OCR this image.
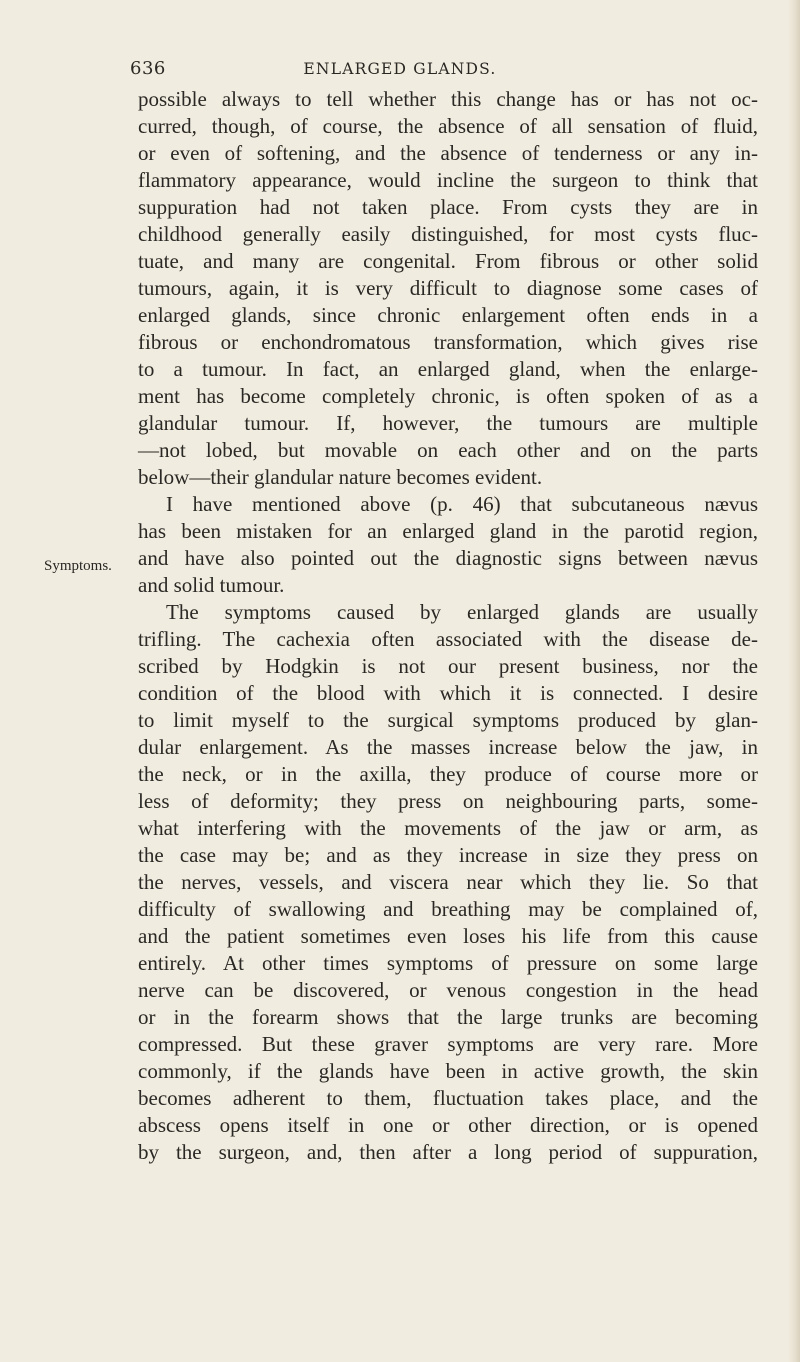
636	ENLARGED GLANDS.
Symptoms.
possible always to tell whether this change has or has not oc-
curred, though, of course, the absence of all sensation of fluid,
or even of softening, and the absence of tenderness or any in-
flammatory appearance, would incline the surgeon to think that
suppuration had not taken place. From cysts they are in
childhood generally easily distinguished, for most cysts fluc-
tuate, and many are congenital. From fibrous or other solid
tumours, again, it is very difficult to diagnose some cases of
enlarged glands, since chronic enlargement often ends in a
fibrous or enchondromatous transformation, which gives rise
to a tumour. In fact, an enlarged gland, when the enlarge-
ment has become completely chronic, is often spoken of as a
glandular tumour. If, however, the tumours are multiple
—not lobed, but movable on each other and on the parts
below—their glandular nature becomes evident.
I have mentioned above (p. 46) that subcutaneous nævus
has been mistaken for an enlarged gland in the parotid region,
and have also pointed out the diagnostic signs between nævus
and solid tumour.
The symptoms caused by enlarged glands are usually
trifling. The cachexia often associated with the disease de-
scribed by Hodgkin is not our present business, nor the
condition of the blood with which it is connected. I desire
to limit myself to the surgical symptoms produced by glan-
dular enlargement. As the masses increase below the jaw, in
the neck, or in the axilla, they produce of course more or
less of deformity; they press on neighbouring parts, some-
what interfering with the movements of the jaw or arm, as
the case may be; and as they increase in size they press on
the nerves, vessels, and viscera near which they lie. So that
difficulty of swallowing and breathing may be complained of,
and the patient sometimes even loses his life from this cause
entirely. At other times symptoms of pressure on some large
nerve can be discovered, or venous congestion in the head
or in the forearm shows that the large trunks are becoming
compressed. But these graver symptoms are very rare. More
commonly, if the glands have been in active growth, the skin
becomes adherent to them, fluctuation takes place, and the
abscess opens itself in one or other direction, or is opened
by the surgeon, and, then after a long period of suppuration,
